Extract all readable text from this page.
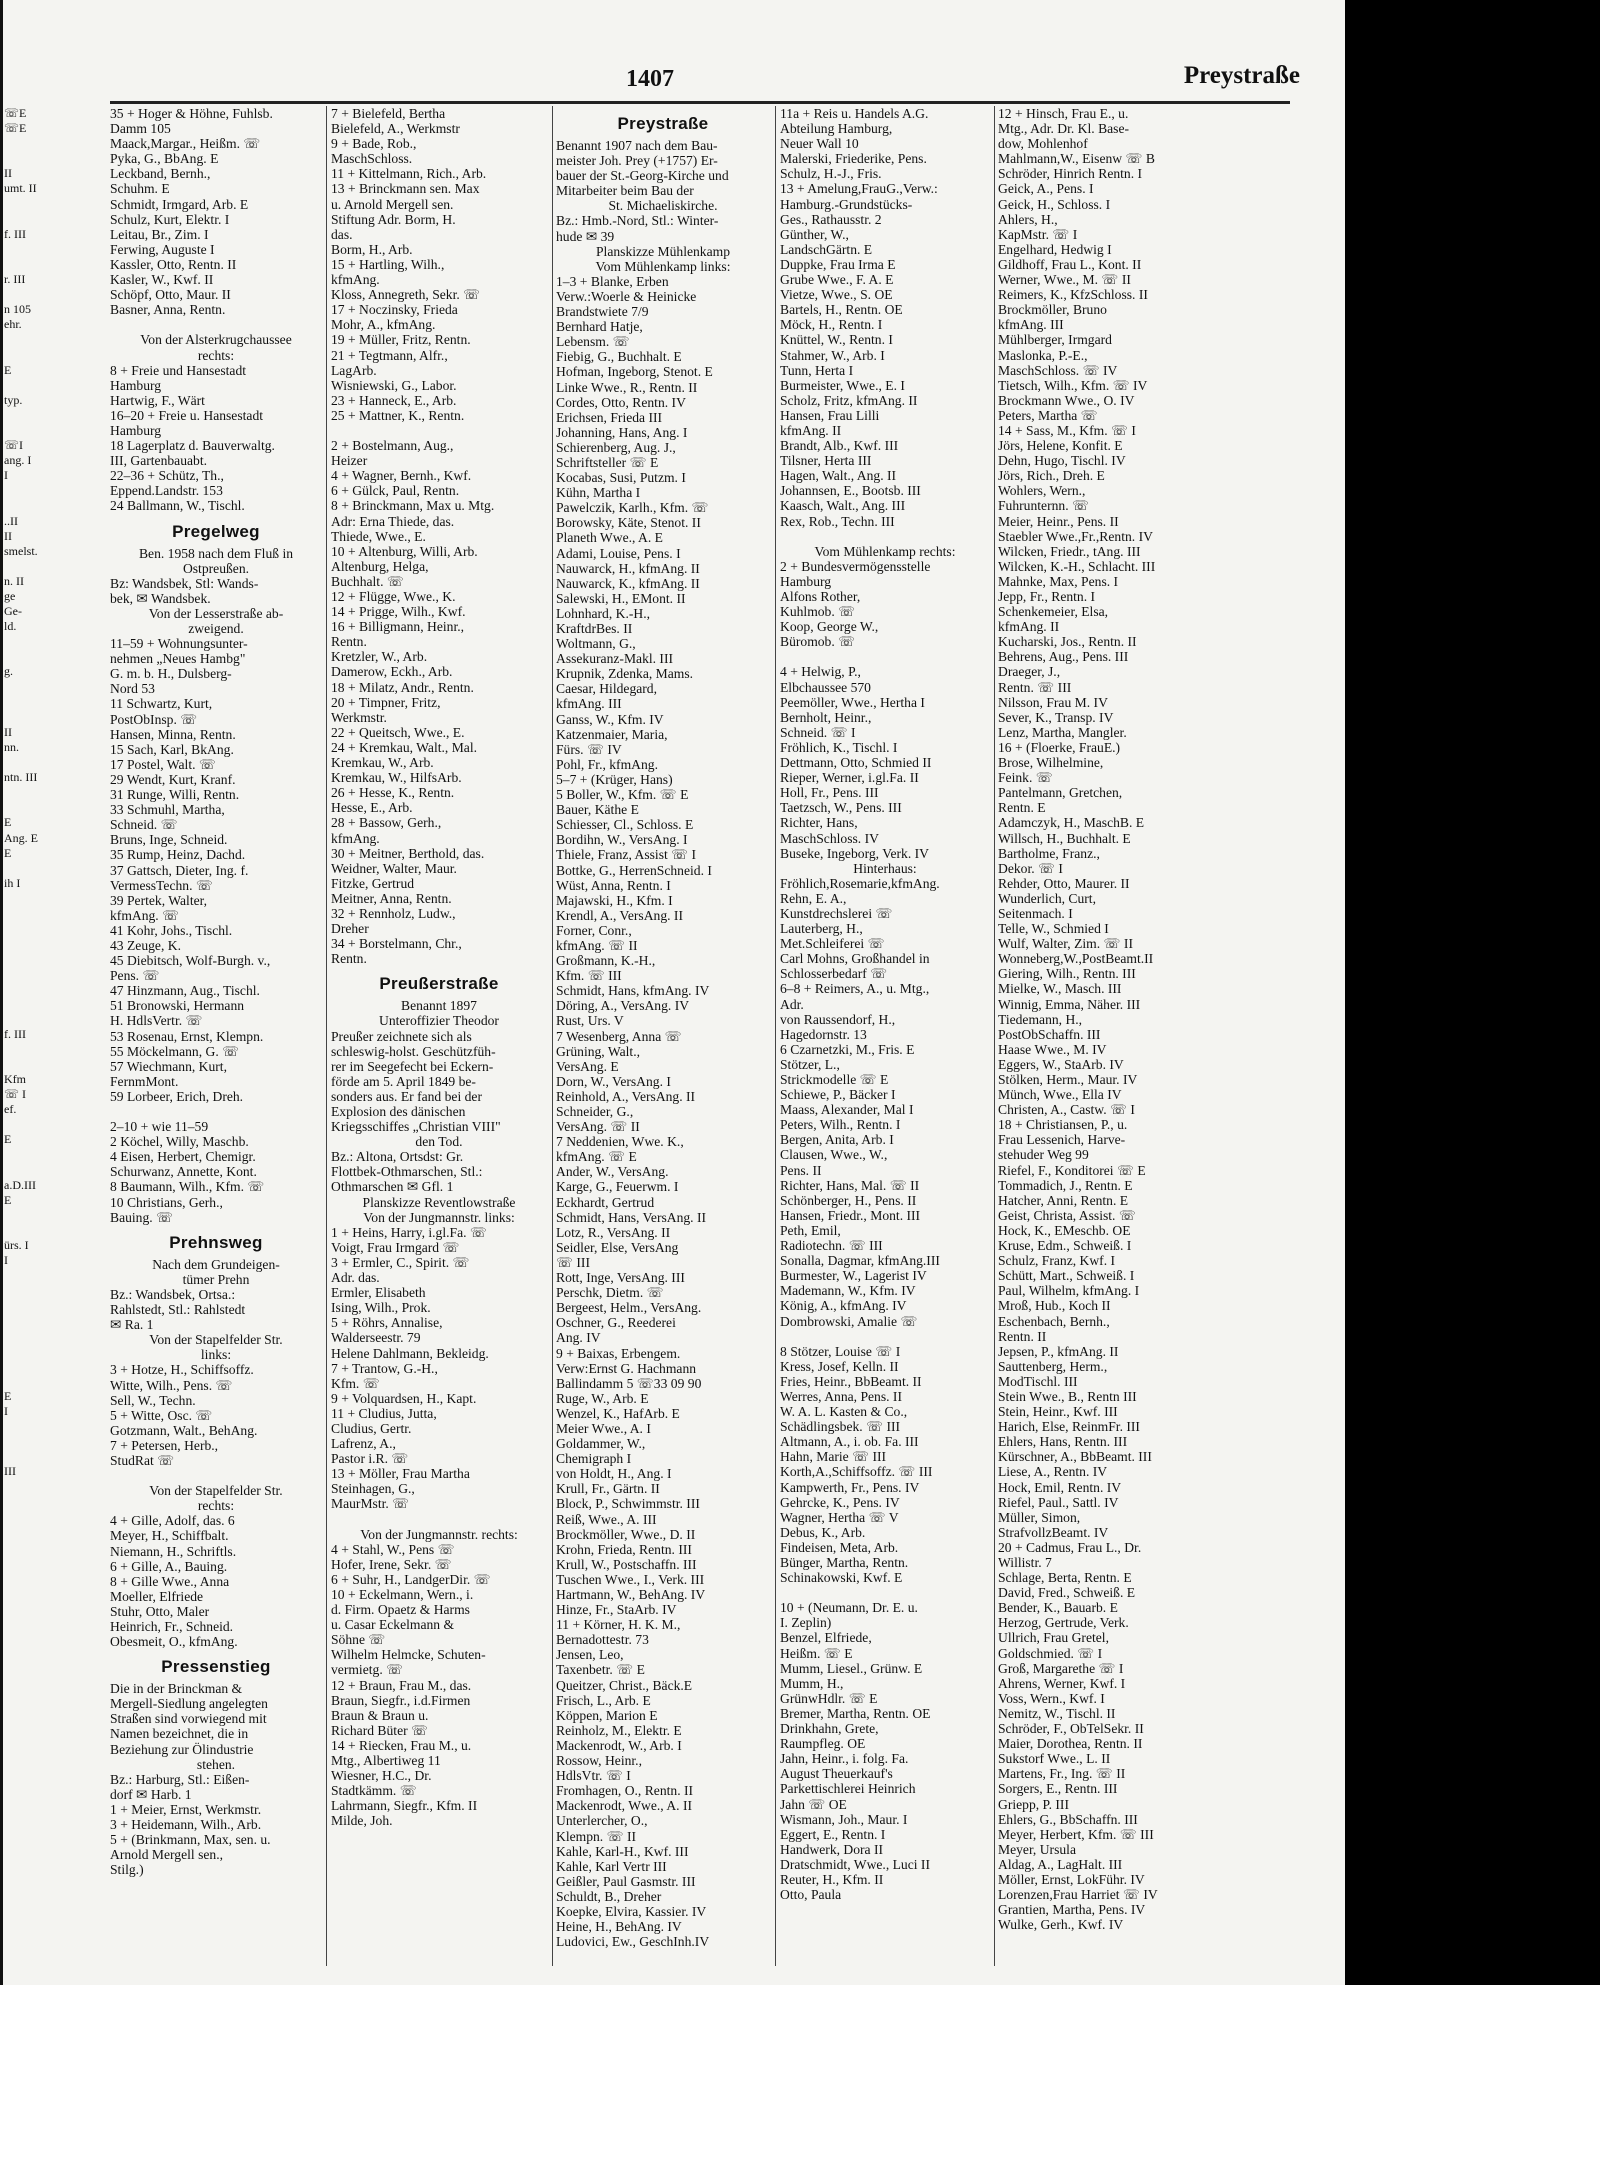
☏E
☏E

II
umt. II

f. III

r. III

n 105
ehr.

E

typ.

☏I
ang. I
I

..II
II
smelst.

n. II
ge
Ge-
ld.

g.

II
nn.

ntn. III

E
Ang. E
E

ih I

f. III

Kfm
☏ I
ef.

E

a.D.III
E

ürs. I
I

E
I

III
1407	Preystraße
35 + Hoger & Höhne, Fuhlsb.
Damm 105
Maack,Margar., Heißm. ☏
Pyka, G., BbAng. E
Leckband, Bernh.,
Schuhm. E
Schmidt, Irmgard, Arb. E
Schulz, Kurt, Elektr. I
Leitau, Br., Zim. I
Ferwing, Auguste I
Kassler, Otto, Rentn. II
Kasler, W., Kwf. II
Schöpf, Otto, Maur. II
Basner, Anna, Rentn.

Von der Alsterkrugchaussee
rechts:
8 + Freie und Hansestadt
Hamburg
Hartwig, F., Wärt
16–20 + Freie u. Hansestadt
Hamburg
18 Lagerplatz d. Bauverwaltg.
III, Gartenbauabt.
22–36 + Schütz, Th.,
Eppend.Landstr. 153
24 Ballmann, W., Tischl.
Pregelweg
Ben. 1958 nach dem Fluß in
Ostpreußen.
Bz: Wandsbek, Stl: Wands-
bek, ✉ Wandsbek.
Von der Lesserstraße ab-
zweigend.
11–59 + Wohnungsunter-
nehmen „Neues Hambg"
G. m. b. H., Dulsberg-
Nord 53
11 Schwartz, Kurt,
PostObInsp. ☏
Hansen, Minna, Rentn.
15 Sach, Karl, BkAng.
17 Postel, Walt. ☏
29 Wendt, Kurt, Kranf.
31 Runge, Willi, Rentn.
33 Schmuhl, Martha,
Schneid. ☏
Bruns, Inge, Schneid.
35 Rump, Heinz, Dachd.
37 Gattsch, Dieter, Ing. f.
VermessTechn. ☏
39 Pertek, Walter,
kfmAng. ☏
41 Kohr, Johs., Tischl.
43 Zeuge, K.
45 Diebitsch, Wolf-Burgh. v.,
Pens. ☏
47 Hinzmann, Aug., Tischl.
51 Bronowski, Hermann
H. HdlsVertr. ☏
53 Rosenau, Ernst, Klempn.
55 Möckelmann, G. ☏
57 Wiechmann, Kurt,
FernmMont.
59 Lorbeer, Erich, Dreh.

2–10 + wie 11–59
2 Köchel, Willy, Maschb.
4 Eisen, Herbert, Chemigr.
Schurwanz, Annette, Kont.
8 Baumann, Wilh., Kfm. ☏
10 Christians, Gerh.,
Bauing. ☏
Prehnsweg
Nach dem Grundeigen-
tümer Prehn
Bz.: Wandsbek, Ortsa.:
Rahlstedt, Stl.: Rahlstedt
✉ Ra. 1
Von der Stapelfelder Str.
links:
3 + Hotze, H., Schiffsoffz.
Witte, Wilh., Pens. ☏
Sell, W., Techn.
5 + Witte, Osc. ☏
Gotzmann, Walt., BehAng.
7 + Petersen, Herb.,
StudRat ☏

Von der Stapelfelder Str.
rechts:
4 + Gille, Adolf, das. 6
Meyer, H., Schiffbalt.
Niemann, H., Schriftls.
6 + Gille, A., Bauing.
8 + Gille Wwe., Anna
Moeller, Elfriede
Stuhr, Otto, Maler
Heinrich, Fr., Schneid.
Obesmeit, O., kfmAng.
Pressenstieg
Die in der Brinckman &
Mergell-Siedlung angelegten
Straßen sind vorwiegend mit
Namen bezeichnet, die in
Beziehung zur Ölindustrie
stehen.
Bz.: Harburg, Stl.: Eißen-
dorf ✉ Harb. 1
1 + Meier, Ernst, Werkmstr.
3 + Heidemann, Wilh., Arb.
5 + (Brinkmann, Max, sen. u.
Arnold Mergell sen.,
Stilg.)
7 + Bielefeld, Bertha
Bielefeld, A., Werkmstr
9 + Bade, Rob.,
MaschSchloss.
11 + Kittelmann, Rich., Arb.
13 + Brinckmann sen. Max
u. Arnold Mergell sen.
Stiftung Adr. Borm, H.
das.
Borm, H., Arb.
15 + Hartling, Wilh.,
kfmAng.
Kloss, Annegreth, Sekr. ☏
17 + Noczinsky, Frieda
Mohr, A., kfmAng.
19 + Müller, Fritz, Rentn.
21 + Tegtmann, Alfr.,
LagArb.
Wisniewski, G., Labor.
23 + Hanneck, E., Arb.
25 + Mattner, K., Rentn.

2 + Bostelmann, Aug.,
Heizer
4 + Wagner, Bernh., Kwf.
6 + Gülck, Paul, Rentn.
8 + Brinckmann, Max u. Mtg.
Adr: Erna Thiede, das.
Thiede, Wwe., E.
10 + Altenburg, Willi, Arb.
Altenburg, Helga,
Buchhalt. ☏
12 + Flügge, Wwe., K.
14 + Prigge, Wilh., Kwf.
16 + Billigmann, Heinr.,
Rentn.
Kretzler, W., Arb.
Damerow, Eckh., Arb.
18 + Milatz, Andr., Rentn.
20 + Timpner, Fritz,
Werkmstr.
22 + Queitsch, Wwe., E.
24 + Kremkau, Walt., Mal.
Kremkau, W., Arb.
Kremkau, W., HilfsArb.
26 + Hesse, K., Rentn.
Hesse, E., Arb.
28 + Bassow, Gerh.,
kfmAng.
30 + Meitner, Berthold, das.
Weidner, Walter, Maur.
Fitzke, Gertrud
Meitner, Anna, Rentn.
32 + Rennholz, Ludw.,
Dreher
34 + Borstelmann, Chr.,
Rentn.
Preußerstraße
Benannt 1897
Unteroffizier Theodor
Preußer zeichnete sich als
schleswig-holst. Geschützfüh-
rer im Seegefecht bei Eckern-
förde am 5. April 1849 be-
sonders aus. Er fand bei der
Explosion des dänischen
Kriegsschiffes „Christian VIII"
den Tod.
Bz.: Altona, Ortsdst: Gr.
Flottbek-Othmarschen, Stl.:
Othmarschen ✉ Gfl. 1
Planskizze Reventlowstraße
Von der Jungmannstr. links:
1 + Heins, Harry, i.gl.Fa. ☏
Voigt, Frau Irmgard ☏
3 + Ermler, C., Spirit. ☏
Adr. das.
Ermler, Elisabeth
Ising, Wilh., Prok.
5 + Röhrs, Annalise,
Walderseestr. 79
Helene Dahlmann, Bekleidg.
7 + Trantow, G.-H.,
Kfm. ☏
9 + Volquardsen, H., Kapt.
11 + Cludius, Jutta,
Cludius, Gertr.
Lafrenz, A.,
Pastor i.R. ☏
13 + Möller, Frau Martha
Steinhagen, G.,
MaurMstr. ☏

Von der Jungmannstr. rechts:
4 + Stahl, W., Pens ☏
Hofer, Irene, Sekr. ☏
6 + Suhr, H., LandgerDir. ☏
10 + Eckelmann, Wern., i.
d. Firm. Opaetz & Harms
u. Casar Eckelmann &
Söhne ☏
Wilhelm Helmcke, Schuten-
vermietg. ☏
12 + Braun, Frau M., das.
Braun, Siegfr., i.d.Firmen
Braun & Braun u.
Richard Büter ☏
14 + Riecken, Frau M., u.
Mtg., Albertiweg 11
Wiesner, H.C., Dr.
Stadtkämm. ☏
Lahrmann, Siegfr., Kfm. II
Milde, Joh.
Preystraße
Benannt 1907 nach dem Bau-
meister Joh. Prey (+1757) Er-
bauer der St.-Georg-Kirche und
Mitarbeiter beim Bau der
St. Michaeliskirche.
Bz.: Hmb.-Nord, Stl.: Winter-
hude ✉ 39
Planskizze Mühlenkamp
Vom Mühlenkamp links:
1–3 + Blanke, Erben
Verw.:Woerle & Heinicke
Brandstwiete 7/9
Bernhard Hatje,
Lebensm. ☏
Fiebig, G., Buchhalt. E
Hofman, Ingeborg, Stenot. E
Linke Wwe., R., Rentn. II
Cordes, Otto, Rentn. IV
Erichsen, Frieda III
Johanning, Hans, Ang. I
Schierenberg, Aug. J.,
Schriftsteller ☏ E
Kocabas, Susi, Putzm. I
Kühn, Martha I
Pawelczik, Karlh., Kfm. ☏
Borowsky, Käte, Stenot. II
Planeth Wwe., A. E
Adami, Louise, Pens. I
Nauwarck, H., kfmAng. II
Nauwarck, K., kfmAng. II
Salewski, H., EMont. II
Lohnhard, K.-H.,
KraftdrBes. II
Woltmann, G.,
Assekuranz-Makl. III
Krupnik, Zdenka, Mams.
Caesar, Hildegard,
kfmAng. III
Ganss, W., Kfm. IV
Katzenmaier, Maria,
Fürs. ☏ IV
Pohl, Fr., kfmAng.
5–7 + (Krüger, Hans)
5 Boller, W., Kfm. ☏ E
Bauer, Käthe E
Schiesser, Cl., Schloss. E
Bordihn, W., VersAng. I
Thiele, Franz, Assist ☏ I
Bottke, G., HerrenSchneid. I
Wüst, Anna, Rentn. I
Majawski, H., Kfm. I
Krendl, A., VersAng. II
Forner, Conr.,
kfmAng. ☏ II
Großmann, K.-H.,
Kfm. ☏ III
Schmidt, Hans, kfmAng. IV
Döring, A., VersAng. IV
Rust, Urs. V
7 Wesenberg, Anna ☏
Grüning, Walt.,
VersAng. E
Dorn, W., VersAng. I
Reinhold, A., VersAng. II
Schneider, G.,
VersAng. ☏ II
7 Neddenien, Wwe. K.,
kfmAng. ☏ E
Ander, W., VersAng.
Karge, G., Feuerwm. I
Eckhardt, Gertrud
Schmidt, Hans, VersAng. II
Lotz, R., VersAng. II
Seidler, Else, VersAng
☏ III
Rott, Inge, VersAng. III
Perschk, Dietm. ☏
Bergeest, Helm., VersAng.
Oschner, G., Reederei
Ang. IV
9 + Baixas, Erbengem.
Verw:Ernst G. Hachmann
Ballindamm 5 ☏33 09 90
Ruge, W., Arb. E
Wenzel, K., HafArb. E
Meier Wwe., A. I
Goldammer, W.,
Chemigraph I
von Holdt, H., Ang. I
Krull, Fr., Gärtn. II
Block, P., Schwimmstr. III
Reiß, Wwe., A. III
Brockmöller, Wwe., D. II
Krohn, Frieda, Rentn. III
Krull, W., Postschaffn. III
Tuschen Wwe., I., Verk. III
Hartmann, W., BehAng. IV
Hinze, Fr., StaArb. IV
11 + Körner, H. K. M.,
Bernadottestr. 73
Jensen, Leo,
Taxenbetr. ☏ E
Queitzer, Christ., Bäck.E
Frisch, L., Arb. E
Köppen, Marion E
Reinholz, M., Elektr. E
Mackenrodt, W., Arb. I
Rossow, Heinr.,
HdlsVtr. ☏ I
Fromhagen, O., Rentn. II
Mackenrodt, Wwe., A. II
Unterlercher, O.,
Klempn. ☏ II
Kahle, Karl-H., Kwf. III
Kahle, Karl Vertr III
Geißler, Paul Gasmstr. III
Schuldt, B., Dreher
Koepke, Elvira, Kassier. IV
Heine, H., BehAng. IV
Ludovici, Ew., GeschInh.IV
11a + Reis u. Handels A.G.
Abteilung Hamburg,
Neuer Wall 10
Malerski, Friederike, Pens.
Schulz, H.-J., Fris.
13 + Amelung,FrauG.,Verw.:
Hamburg.-Grundstücks-
Ges., Rathausstr. 2
Günther, W.,
LandschGärtn. E
Duppke, Frau Irma E
Grube Wwe., F. A. E
Vietze, Wwe., S. OE
Bartels, H., Rentn. OE
Möck, H., Rentn. I
Knüttel, W., Rentn. I
Stahmer, W., Arb. I
Tunn, Herta I
Burmeister, Wwe., E. I
Scholz, Fritz, kfmAng. II
Hansen, Frau Lilli
kfmAng. II
Brandt, Alb., Kwf. III
Tilsner, Herta III
Hagen, Walt., Ang. II
Johannsen, E., Bootsb. III
Kaasch, Walt., Ang. III
Rex, Rob., Techn. III

Vom Mühlenkamp rechts:
2 + Bundesvermögensstelle
Hamburg
Alfons Rother,
Kuhlmob. ☏
Koop, George W.,
Büromob. ☏

4 + Helwig, P.,
Elbchaussee 570
Peemöller, Wwe., Hertha I
Bernholt, Heinr.,
Schneid. ☏ I
Fröhlich, K., Tischl. I
Dettmann, Otto, Schmied II
Rieper, Werner, i.gl.Fa. II
Holl, Fr., Pens. III
Taetzsch, W., Pens. III
Richter, Hans,
MaschSchloss. IV
Buseke, Ingeborg, Verk. IV
Hinterhaus:
Fröhlich,Rosemarie,kfmAng.
Rehn, E. A.,
Kunstdrechslerei ☏
Lauterberg, H.,
Met.Schleiferei ☏
Carl Mohns, Großhandel in
Schlosserbedarf ☏
6–8 + Reimers, A., u. Mtg.,
Adr.
von Raussendorf, H.,
Hagedornstr. 13
6 Czarnetzki, M., Fris. E
Stötzer, L.,
Strickmodelle ☏ E
Schiewe, P., Bäcker I
Maass, Alexander, Mal I
Peters, Wilh., Rentn. I
Bergen, Anita, Arb. I
Clausen, Wwe., W.,
Pens. II
Richter, Hans, Mal. ☏ II
Schönberger, H., Pens. II
Hansen, Friedr., Mont. III
Peth, Emil,
Radiotechn. ☏ III
Sonalla, Dagmar, kfmAng.III
Burmester, W., Lagerist IV
Mademann, W., Kfm. IV
König, A., kfmAng. IV
Dombrowski, Amalie ☏

8 Stötzer, Louise ☏ I
Kress, Josef, Kelln. II
Fries, Heinr., BbBeamt. II
Werres, Anna, Pens. II
W. A. L. Kasten & Co.,
Schädlingsbek. ☏ III
Altmann, A., i. ob. Fa. III
Hahn, Marie ☏ III
Korth,A.,Schiffsoffz. ☏ III
Kampwerth, Fr., Pens. IV
Gehrcke, K., Pens. IV
Wagner, Hertha ☏ V
Debus, K., Arb.
Findeisen, Meta, Arb.
Bünger, Martha, Rentn.
Schinakowski, Kwf. E

10 + (Neumann, Dr. E. u.
I. Zeplin)
Benzel, Elfriede,
Heißm. ☏ E
Mumm, Liesel., Grünw. E
Mumm, H.,
GrünwHdlr. ☏ E
Bremer, Martha, Rentn. OE
Drinkhahn, Grete,
Raumpfleg. OE
Jahn, Heinr., i. folg. Fa.
August Theuerkauf's
Parkettischlerei Heinrich
Jahn ☏ OE
Wismann, Joh., Maur. I
Eggert, E., Rentn. I
Handwerk, Dora II
Dratschmidt, Wwe., Luci II
Reuter, H., Kfm. II
Otto, Paula
12 + Hinsch, Frau E., u.
Mtg., Adr. Dr. Kl. Base-
dow, Mohlenhof
Mahlmann,W., Eisenw ☏ B
Schröder, Hinrich Rentn. I
Geick, A., Pens. I
Geick, H., Schloss. I
Ahlers, H.,
KapMstr. ☏ I
Engelhard, Hedwig I
Gildhoff, Frau L., Kont. II
Werner, Wwe., M. ☏ II
Reimers, K., KfzSchloss. II
Brockmöller, Bruno
kfmAng. III
Mühlberger, Irmgard
Maslonka, P.-E.,
MaschSchloss. ☏ IV
Tietsch, Wilh., Kfm. ☏ IV
Brockmann Wwe., O. IV
Peters, Martha ☏
14 + Sass, M., Kfm. ☏ I
Jörs, Helene, Konfit. E
Dehn, Hugo, Tischl. IV
Jörs, Rich., Dreh. E
Wohlers, Wern.,
Fuhrunternn. ☏
Meier, Heinr., Pens. II
Staebler Wwe.,Fr.,Rentn. IV
Wilcken, Friedr., tAng. III
Wilcken, K.-H., Schlacht. III
Mahnke, Max, Pens. I
Jepp, Fr., Rentn. I
Schenkemeier, Elsa,
kfmAng. II
Kucharski, Jos., Rentn. II
Behrens, Aug., Pens. III
Draeger, J.,
Rentn. ☏ III
Nilsson, Frau M. IV
Sever, K., Transp. IV
Lenz, Martha, Mangler.
16 + (Floerke, FrauE.)
Brose, Wilhelmine,
Feink. ☏
Pantelmann, Gretchen,
Rentn. E
Adamczyk, H., MaschB. E
Willsch, H., Buchhalt. E
Bartholme, Franz.,
Dekor. ☏ I
Rehder, Otto, Maurer. II
Wunderlich, Curt,
Seitenmach. I
Telle, W., Schmied I
Wulf, Walter, Zim. ☏ II
Wonneberg,W.,PostBeamt.II
Giering, Wilh., Rentn. III
Mielke, W., Masch. III
Winnig, Emma, Näher. III
Tiedemann, H.,
PostObSchaffn. III
Haase Wwe., M. IV
Eggers, W., StaArb. IV
Stölken, Herm., Maur. IV
Münch, Wwe., Ella IV
Christen, A., Castw. ☏ I
18 + Christiansen, P., u.
Frau Lessenich, Harve-
stehuder Weg 99
Riefel, F., Konditorei ☏ E
Tommadich, J., Rentn. E
Hatcher, Anni, Rentn. E
Geist, Christa, Assist. ☏
Hock, K., EMeschb. OE
Kruse, Edm., Schweiß. I
Schulz, Franz, Kwf. I
Schütt, Mart., Schweiß. I
Paul, Wilhelm, kfmAng. I
Mroß, Hub., Koch II
Eschenbach, Bernh.,
Rentn. II
Jepsen, P., kfmAng. II
Sauttenberg, Herm.,
ModTischl. III
Stein Wwe., B., Rentn III
Stein, Heinr., Kwf. III
Harich, Else, ReinmFr. III
Ehlers, Hans, Rentn. III
Kürschner, A., BbBeamt. III
Liese, A., Rentn. IV
Hock, Emil, Rentn. IV
Riefel, Paul., Sattl. IV
Müller, Simon,
StrafvollzBeamt. IV
20 + Cadmus, Frau L., Dr.
Willistr. 7
Schlage, Berta, Rentn. E
David, Fred., Schweiß. E
Bender, K., Bauarb. E
Herzog, Gertrude, Verk.
Ullrich, Frau Gretel,
Goldschmied. ☏ I
Groß, Margarethe ☏ I
Ahrens, Werner, Kwf. I
Voss, Wern., Kwf. I
Nemitz, W., Tischl. II
Schröder, F., ObTelSekr. II
Maier, Dorothea, Rentn. II
Sukstorf Wwe., L. II
Martens, Fr., Ing. ☏ II
Sorgers, E., Rentn. III
Griepp, P. III
Ehlers, G., BbSchaffn. III
Meyer, Herbert, Kfm. ☏ III
Meyer, Ursula
Aldag, A., LagHalt. III
Möller, Ernst, LokFühr. IV
Lorenzen,Frau Harriet ☏ IV
Grantien, Martha, Pens. IV
Wulke, Gerh., Kwf. IV
